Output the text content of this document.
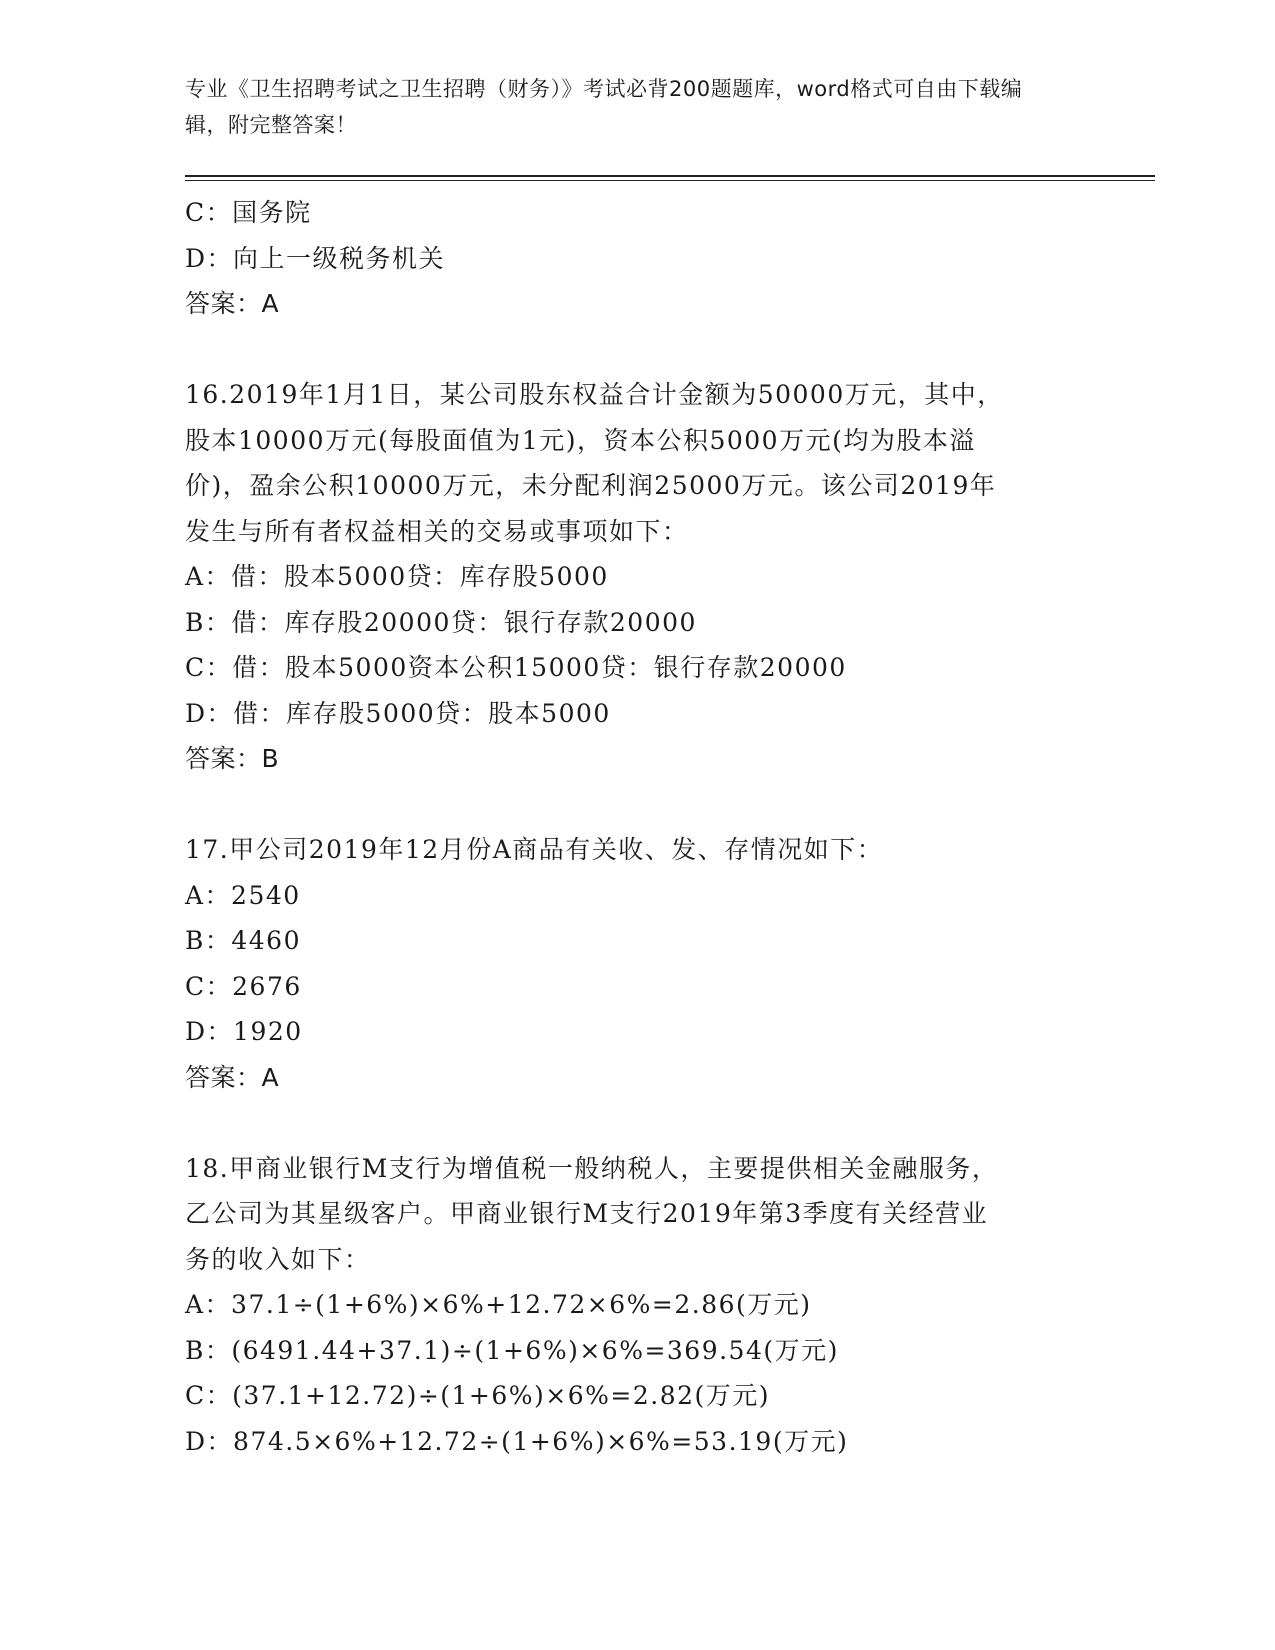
专业《卫生招聘考试之卫生招聘（财务）》考试必背200题题库，word格式可自由下载编辑，附完整答案！
C：国务院
D：向上一级税务机关
答案：A
16.2019年1月1日，某公司股东权益合计金额为50000万元，其中，
股本10000万元(每股面值为1元)，资本公积5000万元(均为股本溢
价)，盈余公积10000万元，未分配利润25000万元。该公司2019年
发生与所有者权益相关的交易或事项如下：
A：借：股本5000贷：库存股5000
B：借：库存股20000贷：银行存款20000
C：借：股本5000资本公积15000贷：银行存款20000
D：借：库存股5000贷：股本5000
答案：B
17.甲公司2019年12月份A商品有关收、发、存情况如下：
A：2540
B：4460
C：2676
D：1920
答案：A
18.甲商业银行M支行为增值税一般纳税人，主要提供相关金融服务，
乙公司为其星级客户。甲商业银行M支行2019年第3季度有关经营业
务的收入如下：
A：37.1÷(1+6%)×6%+12.72×6%=2.86(万元)
B：(6491.44+37.1)÷(1+6%)×6%=369.54(万元)
C：(37.1+12.72)÷(1+6%)×6%=2.82(万元)
D：874.5×6%+12.72÷(1+6%)×6%=53.19(万元)
